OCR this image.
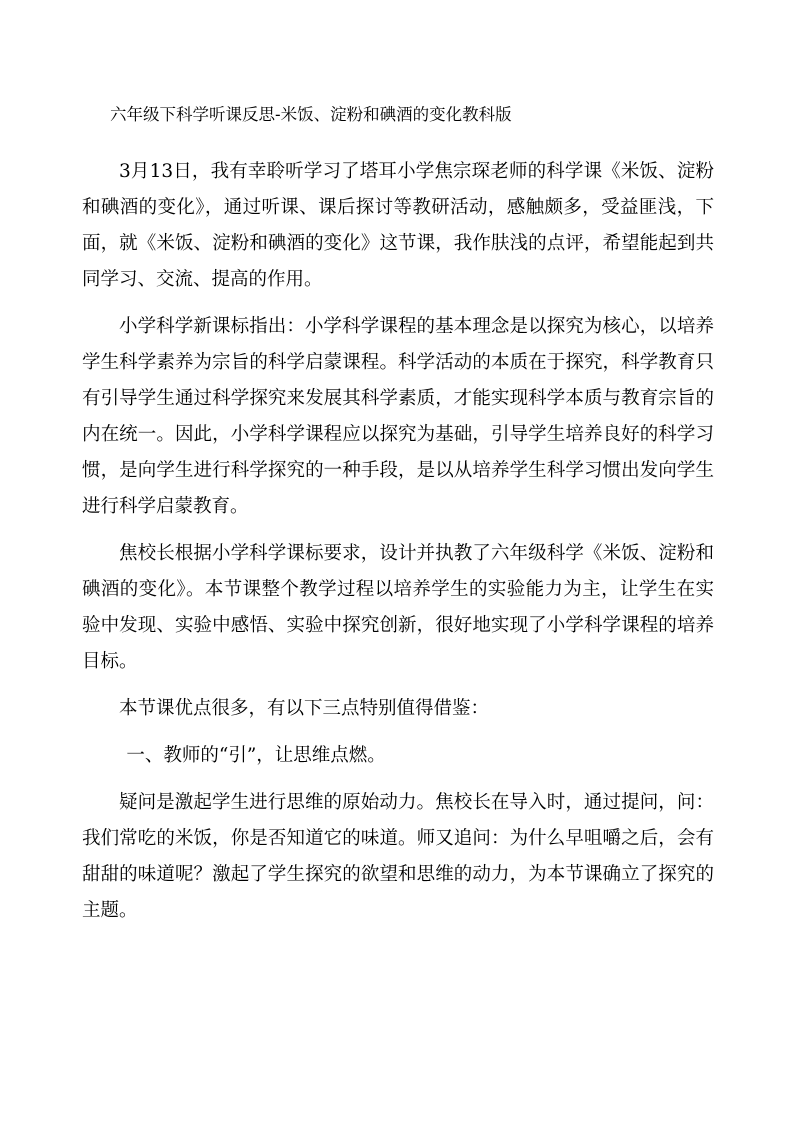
六年级下科学听课反思-米饭、淀粉和碘酒的变化教科版

3月13日，我有幸聆听学习了塔耳小学焦宗琛老师的科学课《米饭、淀粉和碘酒的变化》，通过听课、课后探讨等教研活动，感触颇多，受益匪浅，下面，就《米饭、淀粉和碘酒的变化》这节课，我作肤浅的点评，希望能起到共同学习、交流、提高的作用。

小学科学新课标指出：小学科学课程的基本理念是以探究为核心，以培养学生科学素养为宗旨的科学启蒙课程。科学活动的本质在于探究，科学教育只有引导学生通过科学探究来发展其科学素质，才能实现科学本质与教育宗旨的内在统一。因此，小学科学课程应以探究为基础，引导学生培养良好的科学习惯，是向学生进行科学探究的一种手段，是以从培养学生科学习惯出发向学生进行科学启蒙教育。

焦校长根据小学科学课标要求，设计并执教了六年级科学《米饭、淀粉和碘酒的变化》。本节课整个教学过程以培养学生的实验能力为主，让学生在实验中发现、实验中感悟、实验中探究创新，很好地实现了小学科学课程的培养目标。

本节课优点很多，有以下三点特别值得借鉴：

一、教师的“引”，让思维点燃。

疑问是激起学生进行思维的原始动力。焦校长在导入时，通过提问，问：我们常吃的米饭，你是否知道它的味道。师又追问：为什么早咀嚼之后，会有甜甜的味道呢？激起了学生探究的欲望和思维的动力，为本节课确立了探究的主题。
